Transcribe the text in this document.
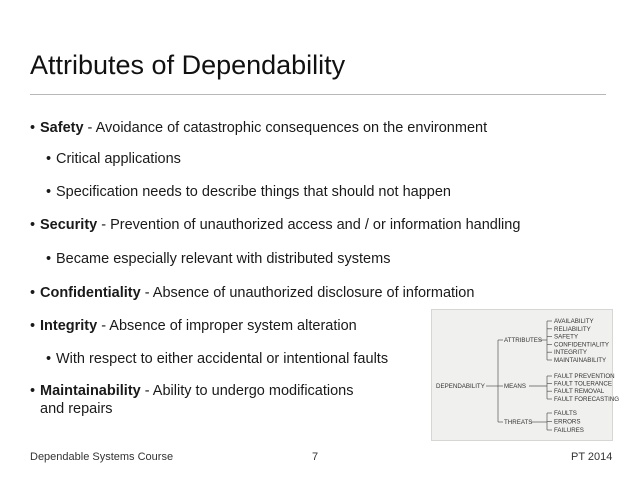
Attributes of Dependability
• Safety - Avoidance of catastrophic consequences on the environment
• Critical applications
• Specification needs to describe things that should not happen
• Security - Prevention of unauthorized access and / or information handling
• Became especially relevant with distributed systems
• Confidentiality - Absence of unauthorized disclosure of information
• Integrity - Absence of improper system alteration
• With respect to either accidental or intentional faults
• Maintainability - Ability to undergo modifications
and repairs
DEPENDABILITY
ATTRIBUTES
MEANS
THREATS
AVAILABILITY
RELIABILITY
SAFETY
CONFIDENTIALITY
INTEGRITY
MAINTAINABILITY
FAULT PREVENTION
FAULT TOLERANCE
FAULT REMOVAL
FAULT FORECASTING
FAULTS
ERRORS
FAILURES
Dependable Systems Course	7	PT 2014
